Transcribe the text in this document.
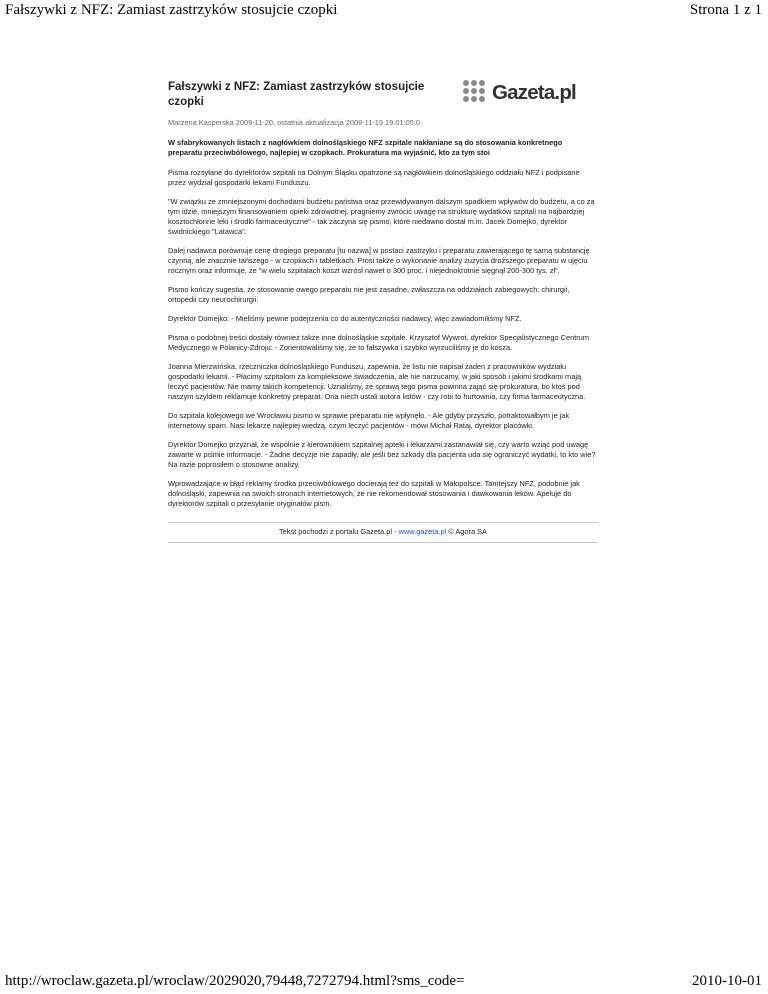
Fałszywki z NFZ: Zamiast zastrzyków stosujcie czopki	Strona 1 z 1
Fałszywki z NFZ: Zamiast zastrzyków stosujcie czopki	Gazeta.pl
Marzena Kasperska 2009-11-20, ostatnia aktualizacja 2009-11-19 19:01:05.0

W sfabrykowanych listach z nagłówkiem dolnośląskiego NFZ szpitale nakłaniane są do stosowania konkretnego preparatu przeciwbólowego, najlepiej w czopkach. Prokuratura ma wyjaśnić, kto za tym stoi

Pisma rozsyłane do dyrektorów szpitali na Dolnym Śląsku opatrzone są nagłówkiem dolnośląskiego oddziału NFZ i podpisane przez wydział gospodarki lekami Funduszu.

"W związku ze zmniejszonymi dochodami budżetu państwa oraz przewidywanym dalszym spadkiem wpływów do budżetu, a co za tym idzie, mniejszym finansowaniem opieki zdrowotnej, pragniemy zwrócić uwagę na strukturę wydatków szpitali na najbardziej kosztochłonne leki i środki farmaceutyczne" - tak zaczyna się pismo, które niedawno dostał m.in. Jacek Domejko, dyrektor świdnickiego "Latawca".

Dalej nadawca porównuje cenę drogiego preparatu [tu nazwa] w postaci zastrzyku i preparatu zawierającego tę samą substancję czynną, ale znacznie tańszego - w czopkach i tabletkach. Prosi także o wykonanie analizy zużycia droższego preparatu w ujęciu rocznym oraz informuje, że "w wielu szpitalach koszt wzrósł nawet o 300 proc. i niejednokrotnie sięgnął 200-300 tys. zł".

Pismo kończy sugestia, że stosowanie owego preparatu nie jest zasadne, zwłaszcza na oddziałach zabiegowych: chirurgii, ortopedii czy neurochirurgii.

Dyrektor Domejko: - Mieliśmy pewne podejrzenia co do autentyczności nadawcy, więc zawiadomiliśmy NFZ.

Pisma o podobnej treści dostały również także inne dolnośląskie szpitale. Krzysztof Wywrot, dyrektor Specjalistycznego Centrum Medycznego w Polanicy-Zdroju: - Zorientowaliśmy się, że to fałszywka i szybko wyrzuciliśmy je do kosza.

Joanna Mierzwińska, rzeczniczka dolnośląskiego Funduszu, zapewnia, że listu nie napisał żaden z pracowników wydziału gospodarki lekami. - Płacimy szpitalom za kompleksowe świadczenia, ale nie narzucamy, w jaki sposób i jakimi środkami mają leczyć pacjentów. Nie mamy takich kompetencji. Uznaliśmy, że sprawą tego pisma powinna zająć się prokuratura, bo ktoś pod naszym szyldem reklamuje konkretny preparat. Ona niech ustali autora listów - czy robi to hurtownia, czy firma farmaceutyczna.

Do szpitala kolejowego we Wrocławiu pismo w sprawie preparatu nie wpłynęło. - Ale gdyby przyszło, potraktowałbym je jak internetowy spam. Nasi lekarze najlepiej wiedzą, czym leczyć pacjentów - mówi Michał Rataj, dyrektor placówki.

Dyrektor Domejko przyznał, że wspólnie z kierownikiem szpitalnej apteki i lekarzami zastanawiał się, czy warto wziąć pod uwagę zawarte w piśmie informacje. - Żadne decyzje nie zapadły, ale jeśli bez szkody dla pacjenta uda się ograniczyć wydatki, to kto wie? Na razie poprosiłem o stosowne analizy.

Wprowadzające w błąd reklamy środka przeciwbólowego docierają też do szpitali w Małopolsce. Tamtejszy NFZ, podobnie jak dolnośląski, zapewnia na swoich stronach internetowych, że nie rekomendował stosowania i dawkowania leków. Apeluje do dyrektorów szpitali o przesyłanie oryginałów pism.

Tekst pochodzi z portalu Gazeta.pl - www.gazeta.pl © Agora SA
http://wroclaw.gazeta.pl/wroclaw/2029020,79448,7272794.html?sms_code=	2010-10-01
